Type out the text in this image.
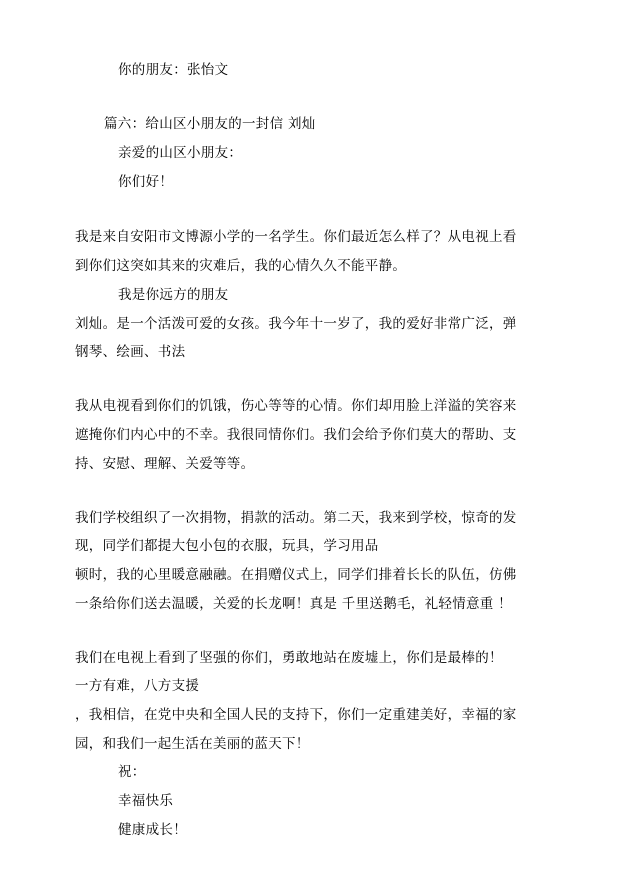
你的朋友：张怡文
篇六：给山区小朋友的一封信 刘灿
亲爱的山区小朋友：
你们好！
我是来自安阳市文博源小学的一名学生。你们最近怎么样了？从电视上看
到你们这突如其来的灾难后，我的心情久久不能平静。
我是你远方的朋友
刘灿。是一个活泼可爱的女孩。我今年十一岁了，我的爱好非常广泛，弹
钢琴、绘画、书法
我从电视看到你们的饥饿，伤心等等的心情。你们却用脸上洋溢的笑容来
遮掩你们内心中的不幸。我很同情你们。我们会给予你们莫大的帮助、支
持、安慰、理解、关爱等等。
我们学校组织了一次捐物，捐款的活动。第二天，我来到学校，惊奇的发
现，同学们都提大包小包的衣服，玩具，学习用品
顿时，我的心里暖意融融。在捐赠仪式上，同学们排着长长的队伍，仿佛
一条给你们送去温暖，关爱的长龙啊！真是 千里送鹅毛，礼轻情意重 ！
我们在电视上看到了坚强的你们，勇敢地站在废墟上，你们是最棒的！
一方有难，八方支援
，我相信，在党中央和全国人民的支持下，你们一定重建美好，幸福的家
园，和我们一起生活在美丽的蓝天下！
祝：
幸福快乐
健康成长！
